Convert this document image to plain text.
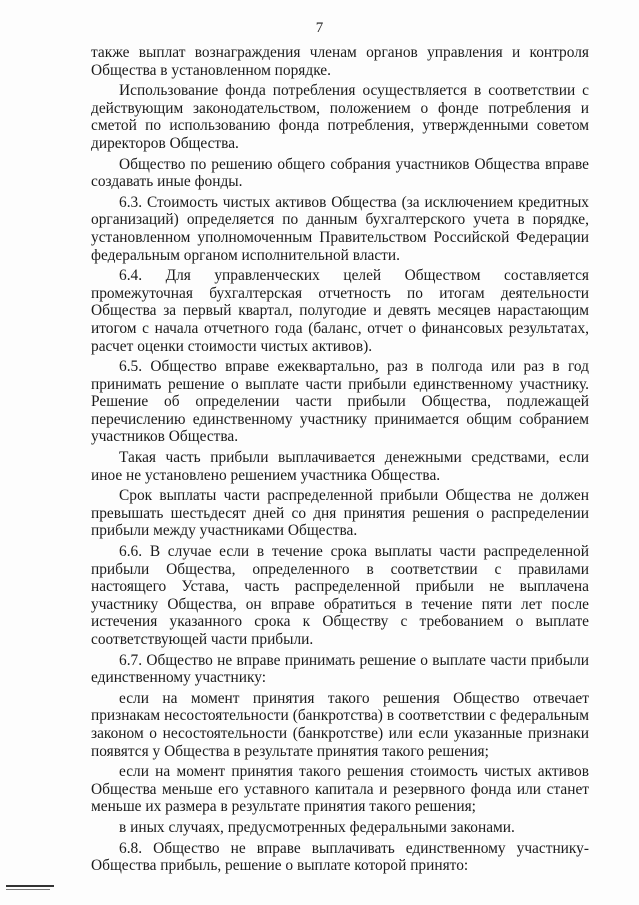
7

также выплат вознаграждения членам органов управления и контроля Общества в установленном порядке.

Использование фонда потребления осуществляется в соответствии с действующим законодательством, положением о фонде потребления и сметой по использованию фонда потребления, утвержденными советом директоров Общества.

Общество по решению общего собрания участников Общества вправе создавать иные фонды.

6.3. Стоимость чистых активов Общества (за исключением кредитных организаций) определяется по данным бухгалтерского учета в порядке, установленном уполномоченным Правительством Российской Федерации федеральным органом исполнительной власти.

6.4. Для управленческих целей Обществом составляется промежуточная бухгалтерская отчетность по итогам деятельности Общества за первый квартал, полугодие и девять месяцев нарастающим итогом с начала отчетного года (баланс, отчет о финансовых результатах, расчет оценки стоимости чистых активов).

6.5. Общество вправе ежеквартально, раз в полгода или раз в год принимать решение о выплате части прибыли единственному участнику. Решение об определении части прибыли Общества, подлежащей перечислению единственному участнику принимается общим собранием участников Общества.

Такая часть прибыли выплачивается денежными средствами, если иное не установлено решением участника Общества.

Срок выплаты части распределенной прибыли Общества не должен превышать шестьдесят дней со дня принятия решения о распределении прибыли между участниками Общества.

6.6. В случае если в течение срока выплаты части распределенной прибыли Общества, определенного в соответствии с правилами настоящего Устава, часть распределенной прибыли не выплачена участнику Общества, он вправе обратиться в течение пяти лет после истечения указанного срока к Обществу с требованием о выплате соответствующей части прибыли.

6.7. Общество не вправе принимать решение о выплате части прибыли единственному участнику:

если на момент принятия такого решения Общество отвечает признакам несостоятельности (банкротства) в соответствии с федеральным законом о несостоятельности (банкротстве) или если указанные признаки появятся у Общества в результате принятия такого решения;

если на момент принятия такого решения стоимость чистых активов Общества меньше его уставного капитала и резервного фонда или станет меньше их размера в результате принятия такого решения;

в иных случаях, предусмотренных федеральными законами.

6.8. Общество не вправе выплачивать единственному участнику-Общества прибыль, решение о выплате которой принято:
